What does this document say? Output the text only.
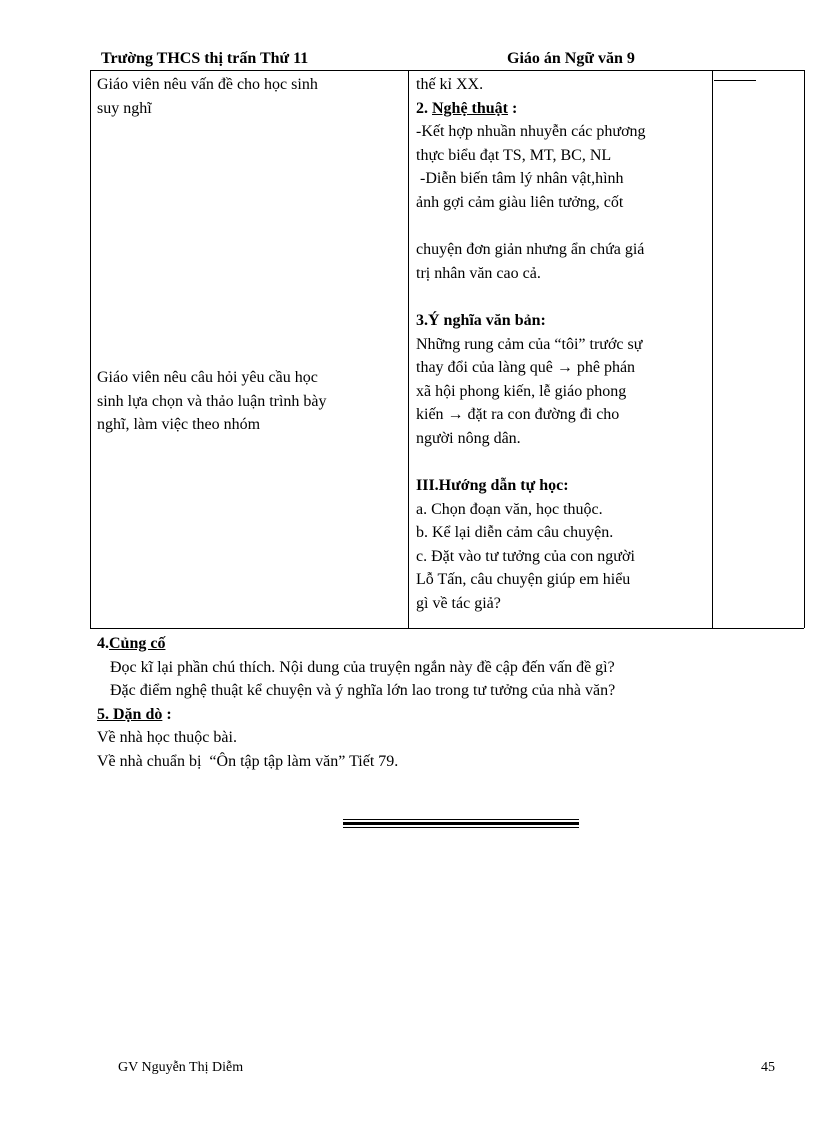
Trường THCS thị trấn Thứ 11	Giáo án Ngữ văn 9
Giáo viên nêu vấn đề cho học sinh
suy nghĩ
Giáo viên nêu câu hỏi yêu cầu học
sinh lựa chọn và thảo luận trình bày
nghĩ, làm việc theo nhóm
thế kỉ XX.
2. Nghệ thuật :
-Kết hợp nhuần nhuyễn các phương
thực biểu đạt TS, MT, BC, NL
-Diễn biến tâm lý nhân vật,hình
ảnh gợi cảm giàu liên tưởng, cốt
chuyện đơn giản nhưng ẩn chứa giá
trị nhân văn cao cả.
3.Ý nghĩa văn bản:
Những rung cảm của “tôi” trước sự
thay đổi của làng quê → phê phán
xã hội phong kiến, lễ giáo phong
kiến → đặt ra con đường đi cho
người nông dân.
III.Hướng dẫn tự học:
a. Chọn đoạn văn, học thuộc.
b. Kể lại diễn cảm câu chuyện.
c. Đặt vào tư tưởng của con người
Lỗ Tấn, câu chuyện giúp em hiểu
gì về tác giả?
4.Củng cố
Đọc kĩ lại phần chú thích. Nội dung của truyện ngắn này đề cập đến vấn đề gì?
Đặc điểm nghệ thuật kể chuyện và ý nghĩa lớn lao trong tư tưởng của nhà văn?
5. Dặn dò :
Về nhà học thuộc bài.
Về nhà chuẩn bị  “Ôn tập tập làm văn” Tiết 79.
GV Nguyễn Thị Diễm	45
